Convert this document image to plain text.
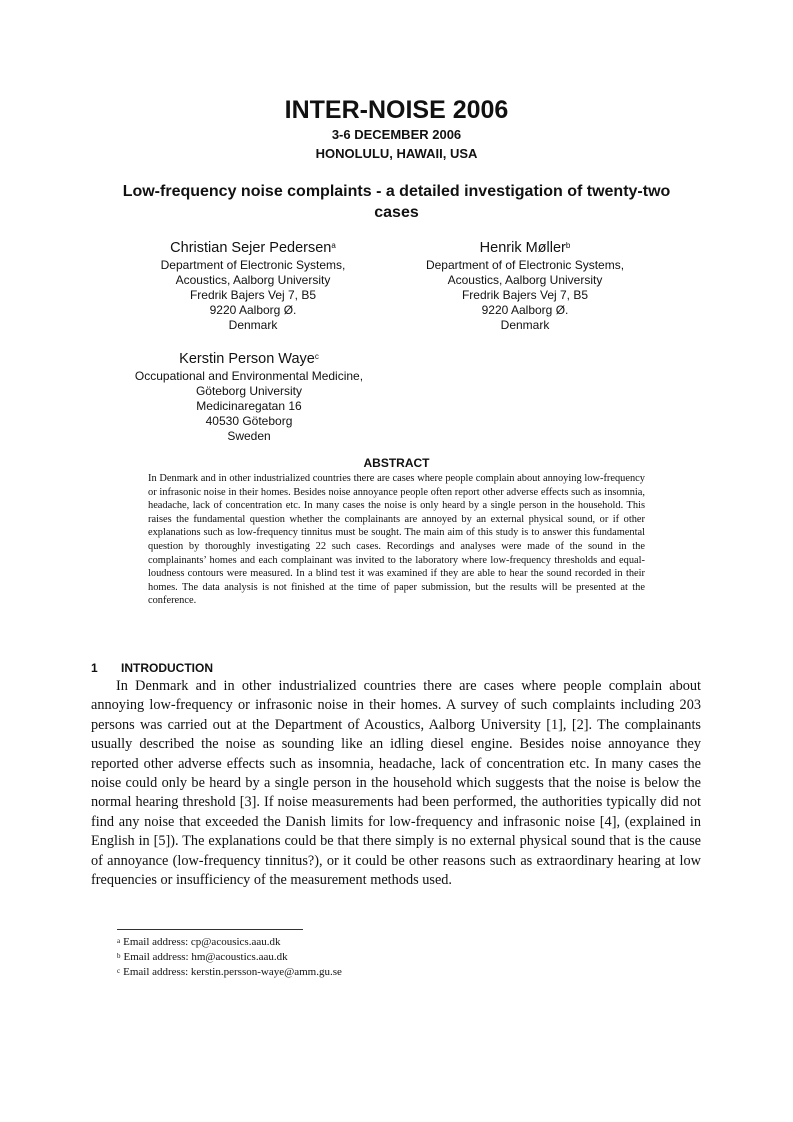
INTER-NOISE 2006
3-6 DECEMBER 2006
HONOLULU, HAWAII, USA
Low-frequency noise complaints - a detailed investigation of twenty-two cases
Christian Sejer Pedersen$^a$
Department of Electronic Systems,
Acoustics, Aalborg University
Fredrik Bajers Vej 7, B5
9220 Aalborg Ø.
Denmark
Henrik Møller$^b$
Department of of Electronic Systems,
Acoustics, Aalborg University
Fredrik Bajers Vej 7, B5
9220 Aalborg Ø.
Denmark
Kerstin Person Waye$^c$
Occupational and Environmental Medicine,
Göteborg University
Medicinaregatan 16
40530 Göteborg
Sweden
ABSTRACT
In Denmark and in other industrialized countries there are cases where people complain about annoying low-frequency or infrasonic noise in their homes. Besides noise annoyance people often report other adverse effects such as insomnia, headache, lack of concentration etc. In many cases the noise is only heard by a single person in the household. This raises the fundamental question whether the complainants are annoyed by an external physical sound, or if other explanations such as low-frequency tinnitus must be sought. The main aim of this study is to answer this fundamental question by thoroughly investigating 22 such cases. Recordings and analyses were made of the sound in the complainants’ homes and each complainant was invited to the laboratory where low-frequency thresholds and equal-loudness contours were measured. In a blind test it was examined if they are able to hear the sound recorded in their homes. The data analysis is not finished at the time of paper submission, but the results will be presented at the conference.
1 INTRODUCTION
In Denmark and in other industrialized countries there are cases where people complain about annoying low-frequency or infrasonic noise in their homes. A survey of such complaints including 203 persons was carried out at the Department of Acoustics, Aalborg University [1], [2]. The complainants usually described the noise as sounding like an idling diesel engine. Besides noise annoyance they reported other adverse effects such as insomnia, headache, lack of concentration etc. In many cases the noise could only be heard by a single person in the household which suggests that the noise is below the normal hearing threshold [3]. If noise measurements had been performed, the authorities typically did not find any noise that exceeded the Danish limits for low-frequency and infrasonic noise [4], (explained in English in [5]). The explanations could be that there simply is no external physical sound that is the cause of annoyance (low-frequency tinnitus?), or it could be other reasons such as extraordinary hearing at low frequencies or insufficiency of the measurement methods used.
$^a$ Email address: cp@acousics.aau.dk
$^b$ Email address: hm@acoustics.aau.dk
$^c$ Email address: kerstin.persson-waye@amm.gu.se
